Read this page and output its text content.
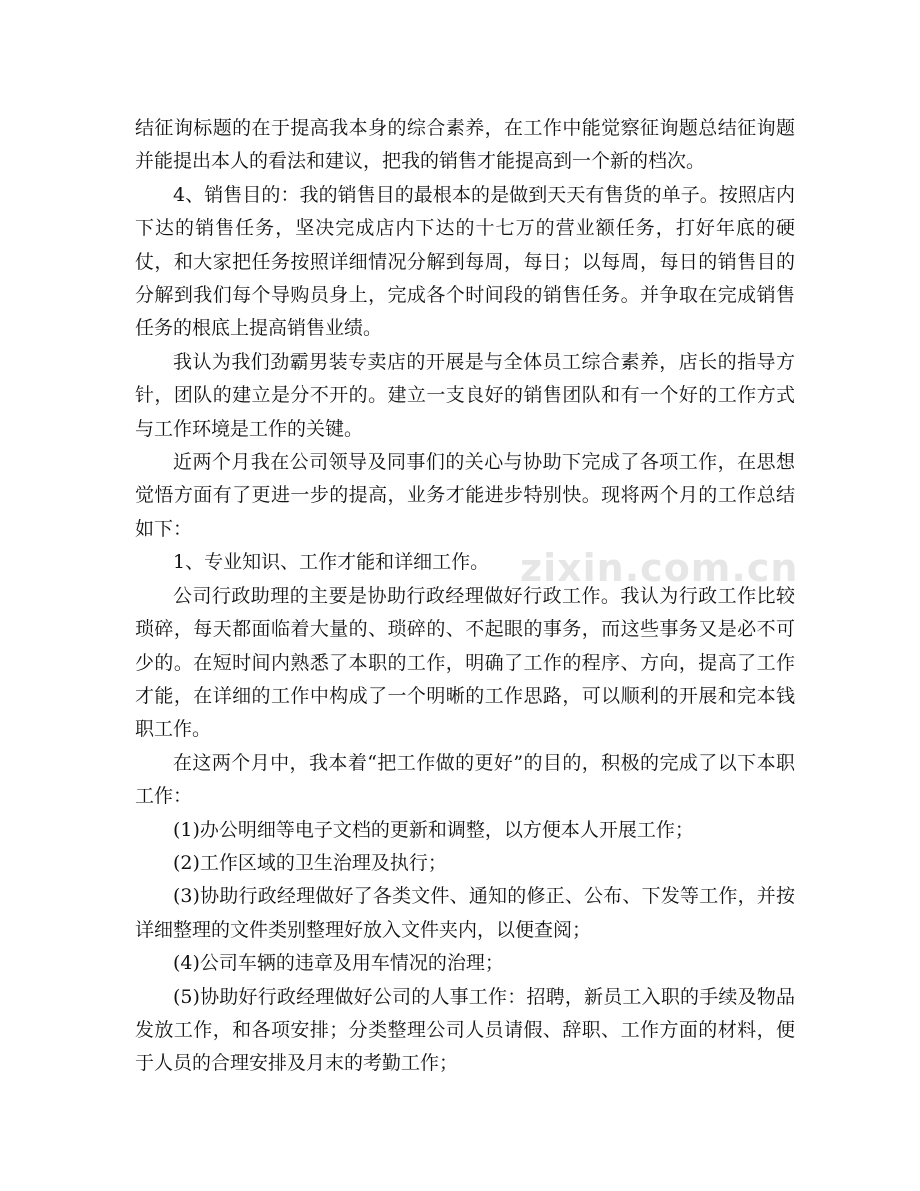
zixin.com.cn

结征询标题的在于提高我本身的综合素养，在工作中能觉察征询题总结征询题并能提出本人的看法和建议，把我的销售才能提高到一个新的档次。

4、销售目的：我的销售目的最根本的是做到天天有售货的单子。按照店内下达的销售任务，坚决完成店内下达的十七万的营业额任务，打好年底的硬仗，和大家把任务按照详细情况分解到每周，每日；以每周，每日的销售目的分解到我们每个导购员身上，完成各个时间段的销售任务。并争取在完成销售任务的根底上提高销售业绩。

我认为我们劲霸男装专卖店的开展是与全体员工综合素养，店长的指导方针，团队的建立是分不开的。建立一支良好的销售团队和有一个好的工作方式与工作环境是工作的关键。

近两个月我在公司领导及同事们的关心与协助下完成了各项工作，在思想觉悟方面有了更进一步的提高，业务才能进步特别快。现将两个月的工作总结如下：

1、专业知识、工作才能和详细工作。

公司行政助理的主要是协助行政经理做好行政工作。我认为行政工作比较琐碎，每天都面临着大量的、琐碎的、不起眼的事务，而这些事务又是必不可少的。在短时间内熟悉了本职的工作，明确了工作的程序、方向，提高了工作才能，在详细的工作中构成了一个明晰的工作思路，可以顺利的开展和完本钱职工作。

在这两个月中，我本着“把工作做的更好”的目的，积极的完成了以下本职工作：

(1)办公明细等电子文档的更新和调整，以方便本人开展工作；

(2)工作区域的卫生治理及执行；

(3)协助行政经理做好了各类文件、通知的修正、公布、下发等工作，并按详细整理的文件类别整理好放入文件夹内，以便查阅；

(4)公司车辆的违章及用车情况的治理；

(5)协助好行政经理做好公司的人事工作：招聘，新员工入职的手续及物品发放工作，和各项安排；分类整理公司人员请假、辞职、工作方面的材料，便于人员的合理安排及月末的考勤工作；
